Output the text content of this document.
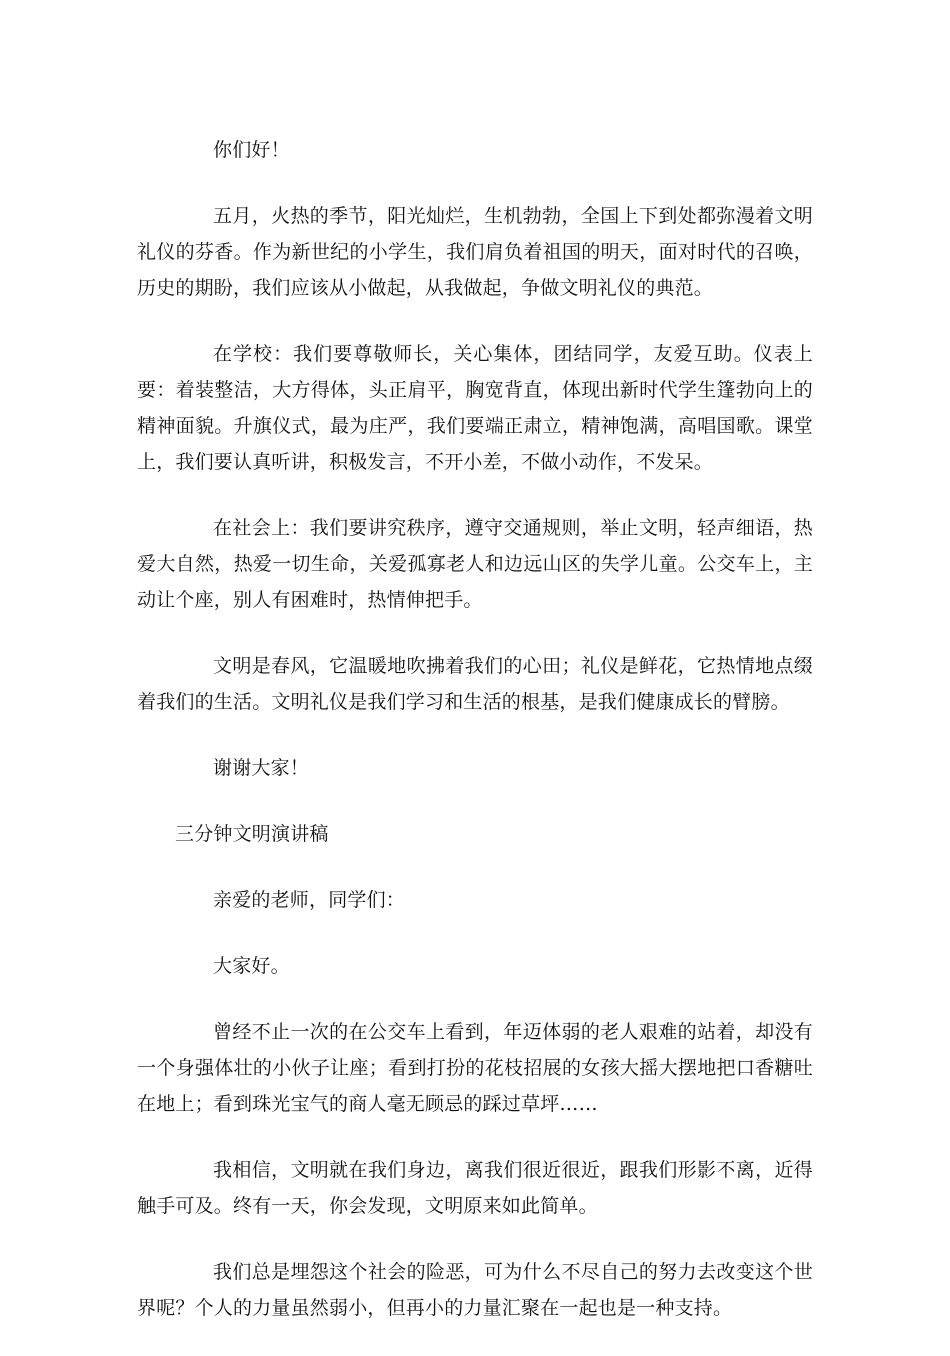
你们好！

五月，火热的季节，阳光灿烂，生机勃勃，全国上下到处都弥漫着文明礼仪的芬香。作为新世纪的小学生，我们肩负着祖国的明天，面对时代的召唤，历史的期盼，我们应该从小做起，从我做起，争做文明礼仪的典范。

在学校：我们要尊敬师长，关心集体，团结同学，友爱互助。仪表上要：着装整洁，大方得体，头正肩平，胸宽背直，体现出新时代学生篷勃向上的精神面貌。升旗仪式，最为庄严，我们要端正肃立，精神饱满，高唱国歌。课堂上，我们要认真听讲，积极发言，不开小差，不做小动作，不发呆。

在社会上：我们要讲究秩序，遵守交通规则，举止文明，轻声细语，热爱大自然，热爱一切生命，关爱孤寡老人和边远山区的失学儿童。公交车上，主动让个座，别人有困难时，热情伸把手。

文明是春风，它温暖地吹拂着我们的心田；礼仪是鲜花，它热情地点缀着我们的生活。文明礼仪是我们学习和生活的根基，是我们健康成长的臂膀。

谢谢大家！

三分钟文明演讲稿

亲爱的老师，同学们：

大家好。

曾经不止一次的在公交车上看到，年迈体弱的老人艰难的站着，却没有一个身强体壮的小伙子让座；看到打扮的花枝招展的女孩大摇大摆地把口香糖吐在地上；看到珠光宝气的商人毫无顾忌的踩过草坪……

我相信，文明就在我们身边，离我们很近很近，跟我们形影不离，近得触手可及。终有一天，你会发现，文明原来如此简单。

我们总是埋怨这个社会的险恶，可为什么不尽自己的努力去改变这个世界呢？个人的力量虽然弱小，但再小的力量汇聚在一起也是一种支持。
